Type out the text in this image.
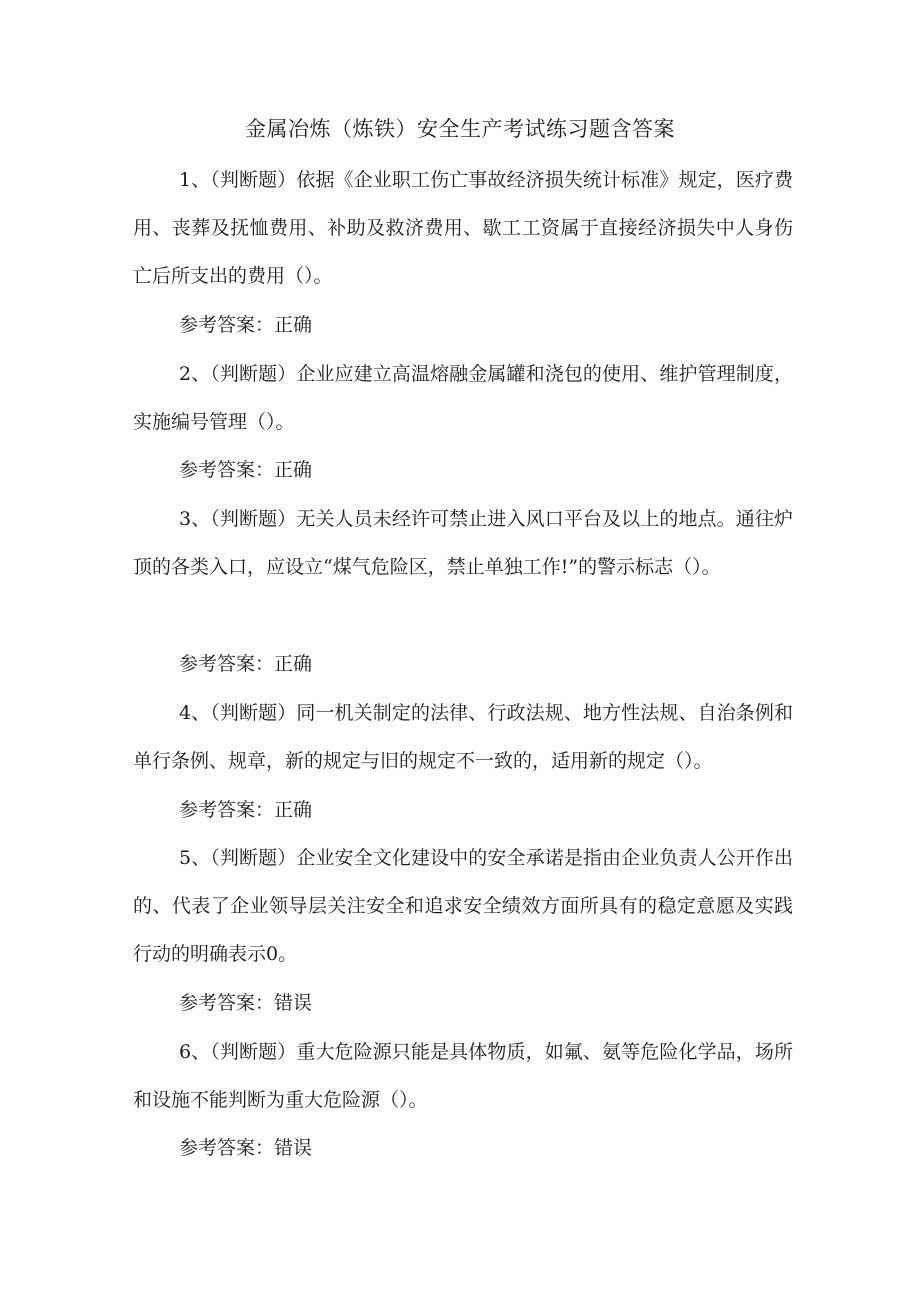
金属冶炼（炼铁）安全生产考试练习题含答案
1、（判断题）依据《企业职工伤亡事故经济损失统计标准》规定，医疗费用、丧葬及抚恤费用、补助及救济费用、歇工工资属于直接经济损失中人身伤亡后所支出的费用（）。
参考答案：正确
2、（判断题）企业应建立高温熔融金属罐和浇包的使用、维护管理制度，实施编号管理（）。
参考答案：正确
3、（判断题）无关人员未经许可禁止进入风口平台及以上的地点。通往炉顶的各类入口，应设立“煤气危险区，禁止单独工作!”的警示标志（）。
参考答案：正确
4、（判断题）同一机关制定的法律、行政法规、地方性法规、自治条例和单行条例、规章，新的规定与旧的规定不一致的，适用新的规定（）。
参考答案：正确
5、（判断题）企业安全文化建设中的安全承诺是指由企业负责人公开作出的、代表了企业领导层关注安全和追求安全绩效方面所具有的稳定意愿及实践行动的明确表示0。
参考答案：错误
6、（判断题）重大危险源只能是具体物质，如氟、氨等危险化学品，场所和设施不能判断为重大危险源（）。
参考答案：错误
